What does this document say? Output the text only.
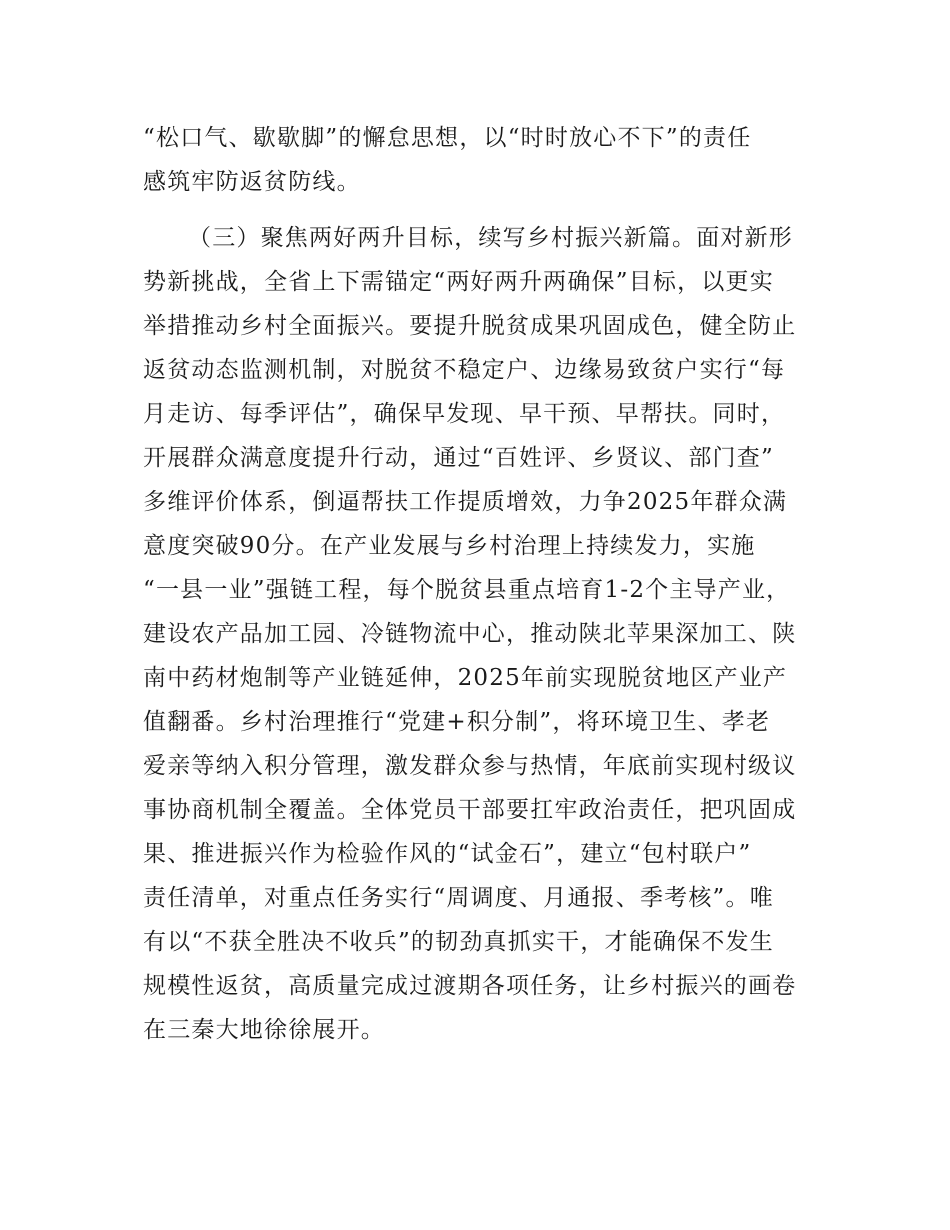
“松口气、歇歇脚”的懈怠思想，以“时时放心不下”的责任
感筑牢防返贫防线。
（三）聚焦两好两升目标，续写乡村振兴新篇。面对新形
势新挑战，全省上下需锚定“两好两升两确保”目标，以更实
举措推动乡村全面振兴。要提升脱贫成果巩固成色，健全防止
返贫动态监测机制，对脱贫不稳定户、边缘易致贫户实行“每
月走访、每季评估”，确保早发现、早干预、早帮扶。同时，
开展群众满意度提升行动，通过“百姓评、乡贤议、部门查”
多维评价体系，倒逼帮扶工作提质增效，力争2025年群众满
意度突破90分。在产业发展与乡村治理上持续发力，实施
“一县一业”强链工程，每个脱贫县重点培育1-2个主导产业，
建设农产品加工园、冷链物流中心，推动陕北苹果深加工、陕
南中药材炮制等产业链延伸，2025年前实现脱贫地区产业产
值翻番。乡村治理推行“党建+积分制”，将环境卫生、孝老
爱亲等纳入积分管理，激发群众参与热情，年底前实现村级议
事协商机制全覆盖。全体党员干部要扛牢政治责任，把巩固成
果、推进振兴作为检验作风的“试金石”，建立“包村联户”
责任清单，对重点任务实行“周调度、月通报、季考核”。唯
有以“不获全胜决不收兵”的韧劲真抓实干，才能确保不发生
规模性返贫，高质量完成过渡期各项任务，让乡村振兴的画卷
在三秦大地徐徐展开。
